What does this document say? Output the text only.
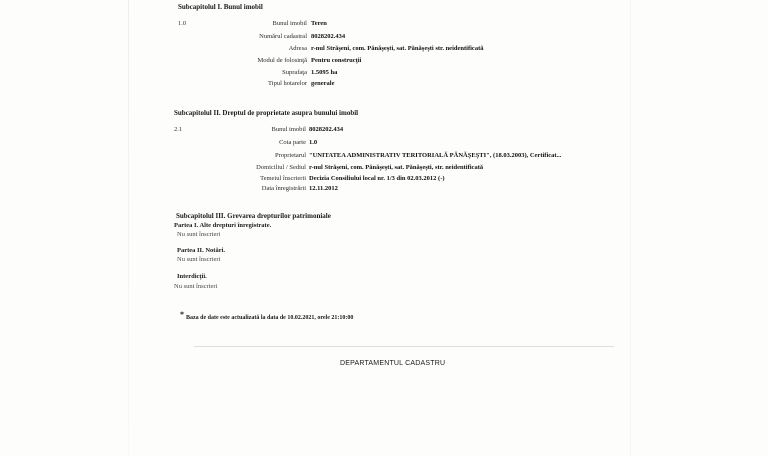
Subcapitolul I. Bunul imobil
1.0	Bunul imobil Teren
Numărul cadastral 8028202.434
Adresa r-nul Străşeni, com. Pănăşeşti, sat. Pănăşeşti str. neidentificată
Modul de folosinţă Pentru construcţii
Suprafaţa 1.5095 ha
Tipul hotarelor generale
Subcapitolul II. Dreptul de proprietate asupra bunului imobil
2.1	Bunul imobil 8028202.434
Cota parte 1.0
Proprietarul "UNITATEA ADMINISTRATIV TERITORIALĂ PĂNĂŞEŞTI", (18.03.2003), Certificat...
Domiciliul / Sediul r-nul Străşeni, com. Pănăşeşti, sat. Pănăşeşti, str. neidentificată
Temeiul înscrierii Decizia Consiliului local nr. 1/3 din 02.03.2012 (-)
Data înregistrării 12.11.2012
Subcapitolul III. Grevarea drepturilor patrimoniale
Partea I. Alte drepturi înregistrate.
Nu sunt înscrieri
Partea II. Notări.
Nu sunt înscrieri
Interdicţii.
Nu sunt înscrieri
* Baza de date este actualizată la data de 10.02.2021, orele 21:10:00
DEPARTAMENTUL CADASTRU
